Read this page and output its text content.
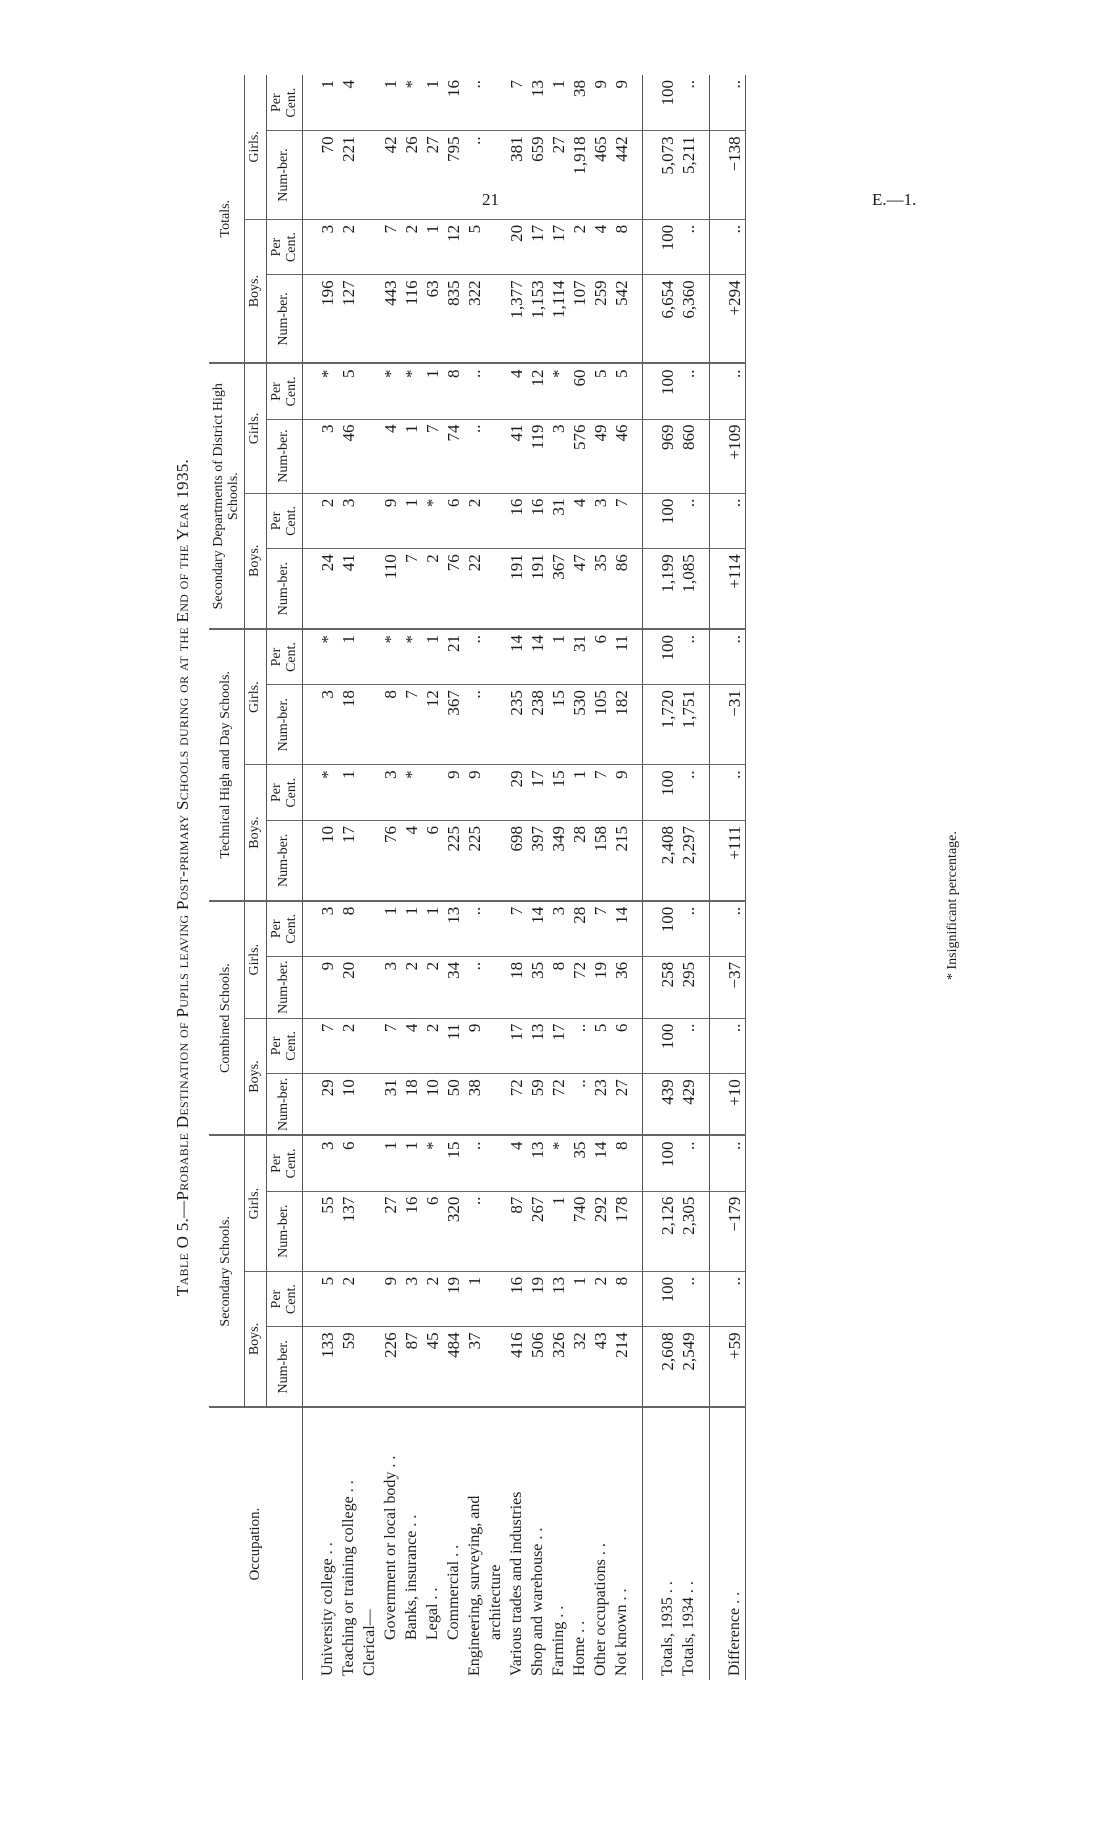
21	E.—1.
Table O 5.—Probable Destination of Pupils leaving Post-primary Schools during or at the End of the Year 1935.
Occupation.	Secondary Schools.				Combined Schools.				Technical High and Day Schools.				Secondary Departments of District High Schools.				Totals.			
	Boys.		Girls.		Boys.		Girls.		Boys.		Girls.		Boys.		Girls.		Boys.		Girls.	
	Num-ber.	Per Cent.	Num-ber.	Per Cent.	Num-ber.	Per Cent.	Num-ber.	Per Cent.	Num-ber.	Per Cent.	Num-ber.	Per Cent.	Num-ber.	Per Cent.	Num-ber.	Per Cent.	Num-ber.	Per Cent.	Num-ber.	Per Cent.

University college . .	133	5	55	3	29	7	9	3	10	*	3	*	24	2	3	*	196	3	70	1
Teaching or training college . .	59	2	137	6	10	2	20	8	17	1	18	1	41	3	46	5	127	2	221	4
Clerical—																				
Government or local body . .	226	9	27	1	31	7	3	1	76	3	8	*	110	9	4	*	443	7	42	1
Banks, insurance . .	87	3	16	1	18	4	2	1	4	*	7	*	7	1	1	*	116	2	26	*
Legal . .	45	2	6	*	10	2	2	1	6		12	1	2	*	7	1	63	1	27	1
Commercial . .	484	19	320	15	50	11	34	13	225	9	367	21	76	6	74	8	835	12	795	16
Engineering, surveying, and	37	1	..	..	38	9	..	..	225	9	..	..	22	2	..	..	322	5	..	..
architecture																				
Various trades and industries	416	16	87	4	72	17	18	7	698	29	235	14	191	16	41	4	1,377	20	381	7
Shop and warehouse . .	506	19	267	13	59	13	35	14	397	17	238	14	191	16	119	12	1,153	17	659	13
Farming . .	326	13	1	*	72	17	8	3	349	15	15	1	367	31	3	*	1,114	17	27	1
Home . .	32	1	740	35	..	..	72	28	28	1	530	31	47	4	576	60	107	2	1,918	38
Other occupations . .	43	2	292	14	23	5	19	7	158	7	105	6	35	3	49	5	259	4	465	9
Not known . .	214	8	178	8	27	6	36	14	215	9	182	11	86	7	46	5	542	8	442	9

Totals, 1935 . .	2,608	100	2,126	100	439	100	258	100	2,408	100	1,720	100	1,199	100	969	100	6,654	100	5,073	100
Totals, 1934 . .	2,549	..	2,305	..	429	..	295	..	2,297	..	1,751	..	1,085	..	860	..	6,360	..	5,211	..

Difference . .	+59	..	−179	..	+10	..	−37	..	+111	..	−31	..	+114	..	+109	..	+294	..	−138	..
* Insignificant percentage.
